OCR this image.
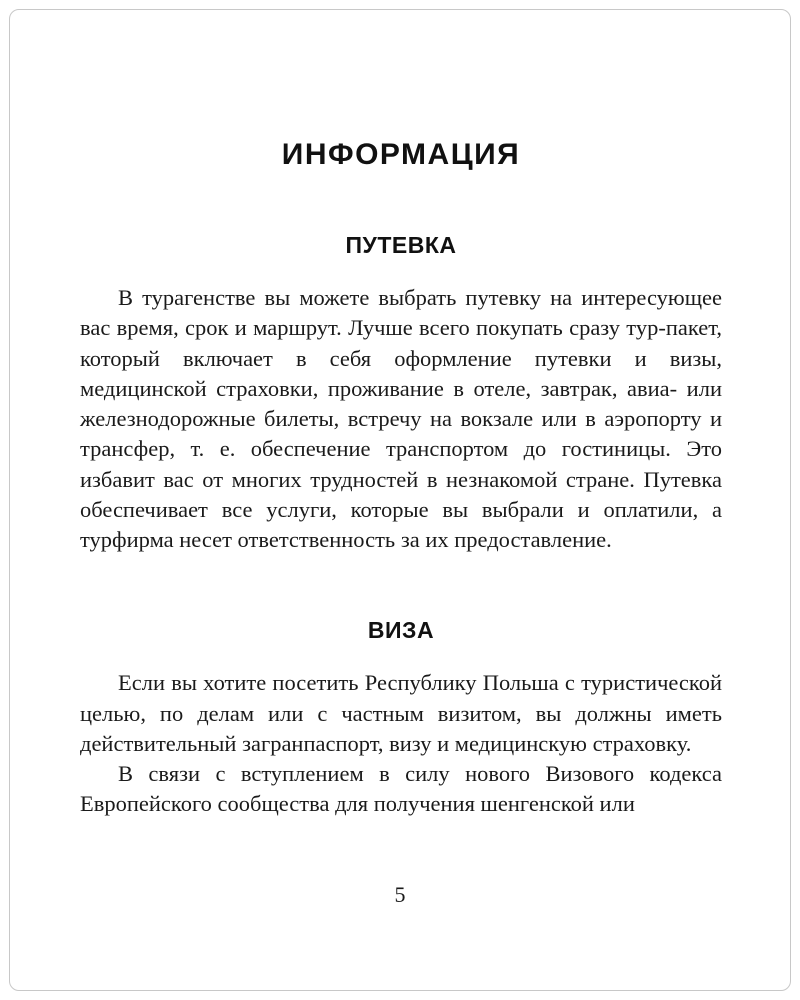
ИНФОРМАЦИЯ
ПУТЕВКА

В турагенстве вы можете выбрать путевку на интересующее вас время, срок и маршрут. Лучше всего покупать сразу тур-пакет, который включает в себя оформление путевки и визы, медицинской страховки, проживание в отеле, завтрак, авиа- или железнодорожные билеты, встречу на вокзале или в аэропорту и трансфер, т. е. обеспечение транспортом до гостиницы. Это избавит вас от многих трудностей в незнакомой стране. Путевка обеспечивает все услуги, которые вы выбрали и оплатили, а турфирма несет ответственность за их предоставление.

ВИЗА

Если вы хотите посетить Республику Польша с туристической целью, по делам или с частным визитом, вы должны иметь действительный загранпаспорт, визу и медицинскую страховку.

В связи с вступлением в силу нового Визового кодекса Европейского сообщества для получения шенгенской или

5
